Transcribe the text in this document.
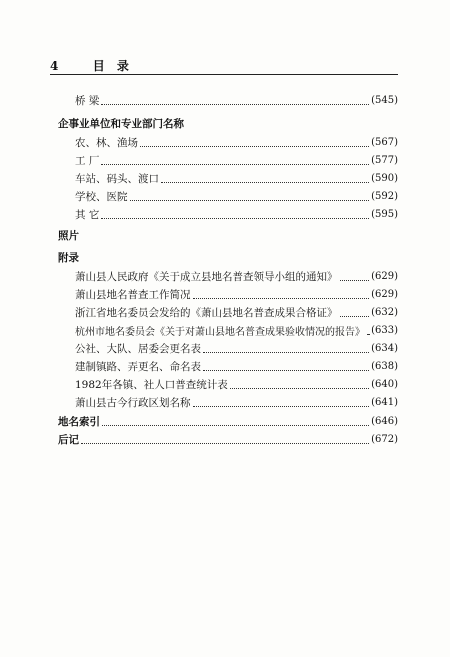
4	目 录
桥 梁	(545)
企事业单位和专业部门名称
农、林、渔场	(567)
工 厂	(577)
车站、码头、渡口	(590)
学校、医院	(592)
其 它	(595)
照片
附录
萧山县人民政府《关于成立县地名普查领导小组的通知》	(629)
萧山县地名普查工作简况	(629)
浙江省地名委员会发给的《萧山县地名普查成果合格证》	(632)
杭州市地名委员会《关于对萧山县地名普查成果验收情况的报告》 (633)
公社、大队、居委会更名表	(634)
建制镇路、弄更名、命名表	(638)
1982年各镇、社人口普查统计表	(640)
萧山县古今行政区划名称	(641)
地名索引	(646)
后记	(672)
